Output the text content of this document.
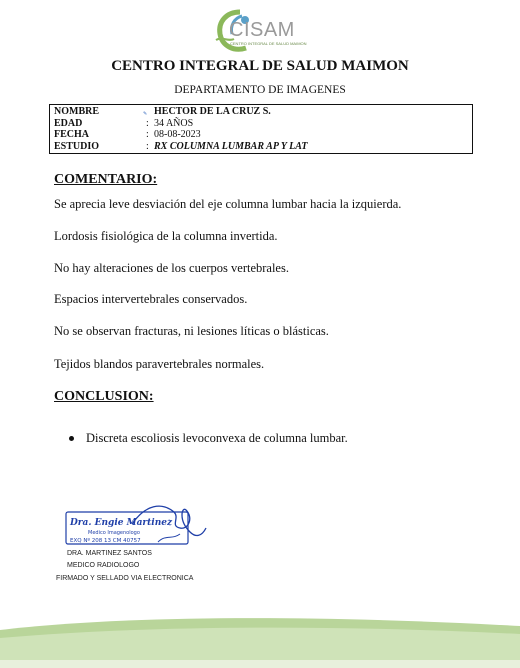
CISAM
CENTRO INTEGRAL DE SALUD MAIMON
CENTRO INTEGRAL DE SALUD MAIMON
DEPARTAMENTO DE IMAGENES
NOMBRE	HECTOR DE LA CRUZ S.
EDAD	: 34 AÑOS
FECHA	: 08-08-2023
ESTUDIO	: RX COLUMNA LUMBAR AP Y LAT
✎
COMENTARIO:
Se aprecia leve desviación del eje columna lumbar hacia la izquierda.
Lordosis fisiológica de la columna invertida.
No hay alteraciones de los cuerpos vertebrales.
Espacios intervertebrales conservados.
No se observan fracturas, ni lesiones líticas o blásticas.
Tejidos blandos paravertebrales normales.
CONCLUSION:
Discreta escoliosis levoconvexa de columna lumbar.
Dra. Engie Martinez
Medico Imagenologo
EXQ Nº 208 13 CM 40757
DRA. MARTINEZ SANTOS
MEDICO RADIOLOGO
FIRMADO Y SELLADO VIA ELECTRONICA
